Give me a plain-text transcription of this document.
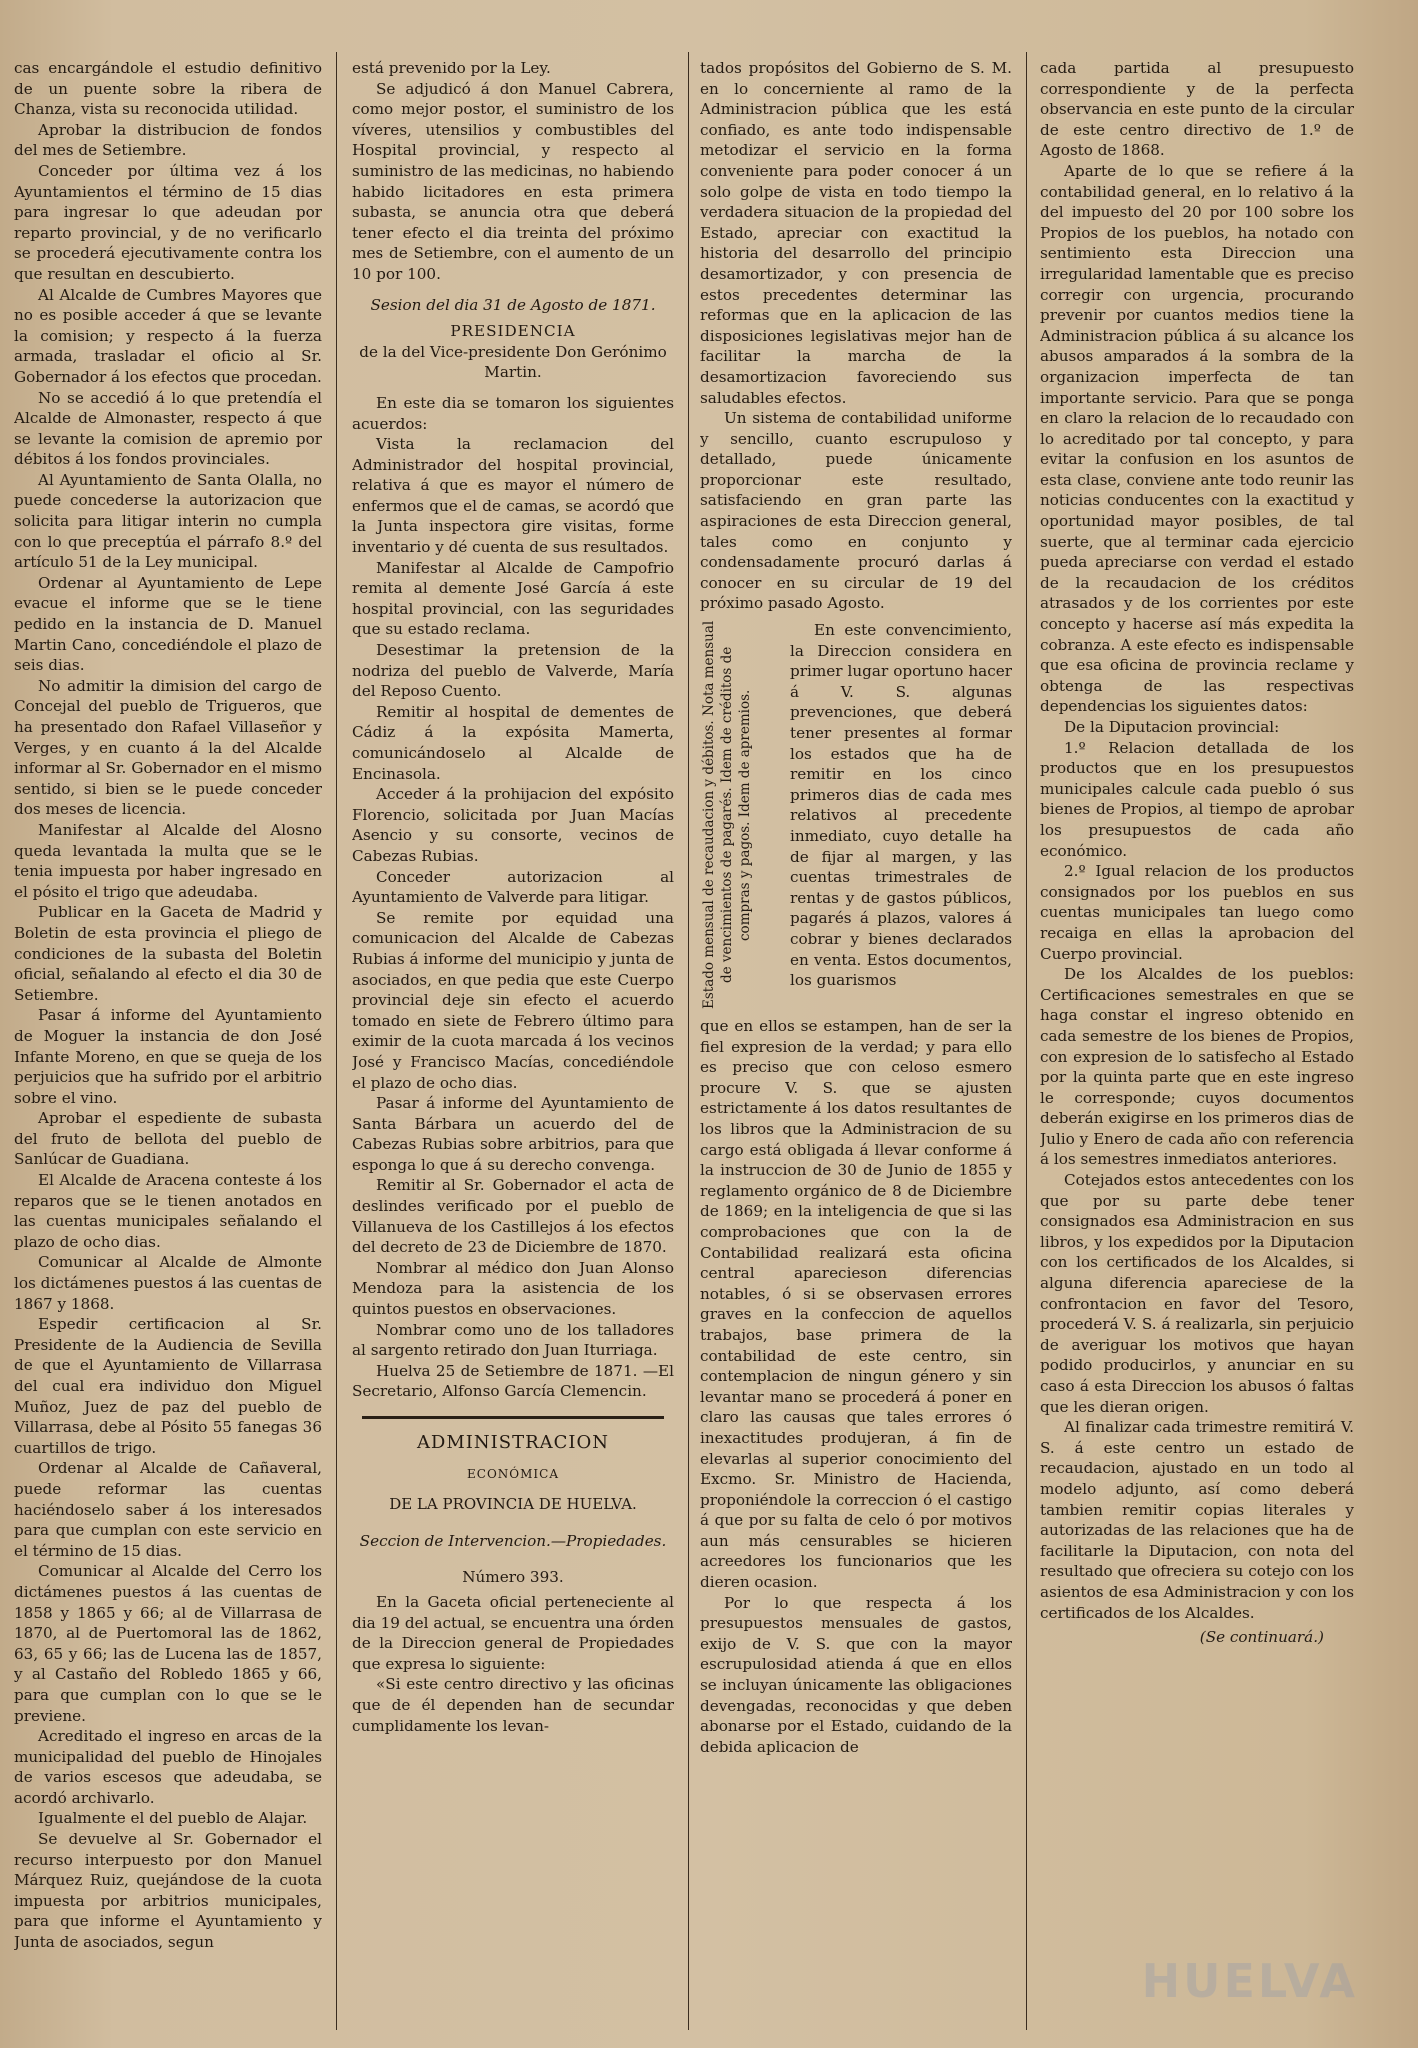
cas encargándole el estudio definitivo de un puente sobre la ribera de Chanza, vista su reconocida utilidad.

Aprobar la distribucion de fondos del mes de Setiembre.

Conceder por última vez á los Ayuntamientos el término de 15 dias para ingresar lo que adeudan por reparto provincial, y de no verificarlo se procederá ejecutivamente contra los que resultan en descubierto.

Al Alcalde de Cumbres Mayores que no es posible acceder á que se levante la comision; y respecto á la fuerza armada, trasladar el oficio al Sr. Gobernador á los efectos que procedan.

No se accedió á lo que pretendía el Alcalde de Almonaster, respecto á que se levante la comision de apremio por débitos á los fondos provinciales.

Al Ayuntamiento de Santa Olalla, no puede concederse la autorizacion que solicita para litigar interin no cumpla con lo que preceptúa el párrafo 8.º del artículo 51 de la Ley municipal.

Ordenar al Ayuntamiento de Lepe evacue el informe que se le tiene pedido en la instancia de D. Manuel Martin Cano, concediéndole el plazo de seis dias.

No admitir la dimision del cargo de Concejal del pueblo de Trigueros, que ha presentado don Rafael Villaseñor y Verges, y en cuanto á la del Alcalde informar al Sr. Gobernador en el mismo sentido, si bien se le puede conceder dos meses de licencia.

Manifestar al Alcalde del Alosno queda levantada la multa que se le tenia impuesta por haber ingresado en el pósito el trigo que adeudaba.

Publicar en la Gaceta de Madrid y Boletin de esta provincia el pliego de condiciones de la subasta del Boletin oficial, señalando al efecto el dia 30 de Setiembre.

Pasar á informe del Ayuntamiento de Moguer la instancia de don José Infante Moreno, en que se queja de los perjuicios que ha sufrido por el arbitrio sobre el vino.

Aprobar el espediente de subasta del fruto de bellota del pueblo de Sanlúcar de Guadiana.

El Alcalde de Aracena conteste á los reparos que se le tienen anotados en las cuentas municipales señalando el plazo de ocho dias.

Comunicar al Alcalde de Almonte los dictámenes puestos á las cuentas de 1867 y 1868.

Espedir certificacion al Sr. Presidente de la Audiencia de Sevilla de que el Ayuntamiento de Villarrasa del cual era individuo don Miguel Muñoz, Juez de paz del pueblo de Villarrasa, debe al Pósito 55 fanegas 36 cuartillos de trigo.

Ordenar al Alcalde de Cañaveral, puede reformar las cuentas haciéndoselo saber á los interesados para que cumplan con este servicio en el término de 15 dias.

Comunicar al Alcalde del Cerro los dictámenes puestos á las cuentas de 1858 y 1865 y 66; al de Villarrasa de 1870, al de Puertomoral las de 1862, 63, 65 y 66; las de Lucena las de 1857, y al Castaño del Robledo 1865 y 66, para que cumplan con lo que se le previene.

Acreditado el ingreso en arcas de la municipalidad del pueblo de Hinojales de varios escesos que adeudaba, se acordó archivarlo.

Igualmente el del pueblo de Alajar.

Se devuelve al Sr. Gobernador el recurso interpuesto por don Manuel Márquez Ruiz, quejándose de la cuota impuesta por arbitrios municipales, para que informe el Ayuntamiento y Junta de asociados, segun

está prevenido por la Ley.

Se adjudicó á don Manuel Cabrera, como mejor postor, el suministro de los víveres, utensilios y combustibles del Hospital provincial, y respecto al suministro de las medicinas, no habiendo habido licitadores en esta primera subasta, se anuncia otra que deberá tener efecto el dia treinta del próximo mes de Setiembre, con el aumento de un 10 por 100.

Sesion del dia 31 de Agosto de 1871.

PRESIDENCIA

de la del Vice-presidente Don Gerónimo Martin.

En este dia se tomaron los siguientes acuerdos:

Vista la reclamacion del Administrador del hospital provincial, relativa á que es mayor el número de enfermos que el de camas, se acordó que la Junta inspectora gire visitas, forme inventario y dé cuenta de sus resultados.

Manifestar al Alcalde de Campofrio remita al demente José García á este hospital provincial, con las seguridades que su estado reclama.

Desestimar la pretension de la nodriza del pueblo de Valverde, María del Reposo Cuento.

Remitir al hospital de dementes de Cádiz á la expósita Mamerta, comunicándoselo al Alcalde de Encinasola.

Acceder á la prohijacion del expósito Florencio, solicitada por Juan Macías Asencio y su consorte, vecinos de Cabezas Rubias.

Conceder autorizacion al Ayuntamiento de Valverde para litigar.

Se remite por equidad una comunicacion del Alcalde de Cabezas Rubias á informe del municipio y junta de asociados, en que pedia que este Cuerpo provincial deje sin efecto el acuerdo tomado en siete de Febrero último para eximir de la cuota marcada á los vecinos José y Francisco Macías, concediéndole el plazo de ocho dias.

Pasar á informe del Ayuntamiento de Santa Bárbara un acuerdo del de Cabezas Rubias sobre arbitrios, para que esponga lo que á su derecho convenga.

Remitir al Sr. Gobernador el acta de deslindes verificado por el pueblo de Villanueva de los Castillejos á los efectos del decreto de 23 de Diciembre de 1870.

Nombrar al médico don Juan Alonso Mendoza para la asistencia de los quintos puestos en observaciones.

Nombrar como uno de los talladores al sargento retirado don Juan Iturriaga.

Huelva 25 de Setiembre de 1871. —El Secretario, Alfonso García Clemencin.

ADMINISTRACION

ECONÓMICA

DE LA PROVINCIA DE HUELVA.

Seccion de Intervencion.—Propiedades.

Número 393.

En la Gaceta oficial perteneciente al dia 19 del actual, se encuentra una órden de la Direccion general de Propiedades que expresa lo siguiente:

«Si este centro directivo y las oficinas que de él dependen han de secundar cumplidamente los levan-

tados propósitos del Gobierno de S. M. en lo concerniente al ramo de la Administracion pública que les está confiado, es ante todo indispensable metodizar el servicio en la forma conveniente para poder conocer á un solo golpe de vista en todo tiempo la verdadera situacion de la propiedad del Estado, apreciar con exactitud la historia del desarrollo del principio desamortizador, y con presencia de estos precedentes determinar las reformas que en la aplicacion de las disposiciones legislativas mejor han de facilitar la marcha de la desamortizacion favoreciendo sus saludables efectos.

Un sistema de contabilidad uniforme y sencillo, cuanto escrupuloso y detallado, puede únicamente proporcionar este resultado, satisfaciendo en gran parte las aspiraciones de esta Direccion general, tales como en conjunto y condensadamente procuró darlas á conocer en su circular de 19 del próximo pasado Agosto.

Estado mensual de recaudacion y débitos. Nota mensual de vencimientos de pagarés. Idem de créditos de compras y pagos. Idem de apremios.

En este convencimiento, la Direccion considera en primer lugar oportuno hacer á V. S. algunas prevenciones, que deberá tener presentes al formar los estados que ha de remitir en los cinco primeros dias de cada mes relativos al precedente inmediato, cuyo detalle ha de fijar al margen, y las cuentas trimestrales de rentas y de gastos públicos, pagarés á plazos, valores á cobrar y bienes declarados en venta. Estos documentos, los guarismos

que en ellos se estampen, han de ser la fiel expresion de la verdad; y para ello es preciso que con celoso esmero procure V. S. que se ajusten estrictamente á los datos resultantes de los libros que la Administracion de su cargo está obligada á llevar conforme á la instruccion de 30 de Junio de 1855 y reglamento orgánico de 8 de Diciembre de 1869; en la inteligencia de que si las comprobaciones que con la de Contabilidad realizará esta oficina central aparecieson diferencias notables, ó si se observasen errores graves en la confeccion de aquellos trabajos, base primera de la contabilidad de este centro, sin contemplacion de ningun género y sin levantar mano se procederá á poner en claro las causas que tales errores ó inexactitudes produjeran, á fin de elevarlas al superior conocimiento del Excmo. Sr. Ministro de Hacienda, proponiéndole la correccion ó el castigo á que por su falta de celo ó por motivos aun más censurables se hicieren acreedores los funcionarios que les dieren ocasion.

Por lo que respecta á los presupuestos mensuales de gastos, exijo de V. S. que con la mayor escrupulosidad atienda á que en ellos se incluyan únicamente las obligaciones devengadas, reconocidas y que deben abonarse por el Estado, cuidando de la debida aplicacion de

cada partida al presupuesto correspondiente y de la perfecta observancia en este punto de la circular de este centro directivo de 1.º de Agosto de 1868.

Aparte de lo que se refiere á la contabilidad general, en lo relativo á la del impuesto del 20 por 100 sobre los Propios de los pueblos, ha notado con sentimiento esta Direccion una irregularidad lamentable que es preciso corregir con urgencia, procurando prevenir por cuantos medios tiene la Administracion pública á su alcance los abusos amparados á la sombra de la organizacion imperfecta de tan importante servicio. Para que se ponga en claro la relacion de lo recaudado con lo acreditado por tal concepto, y para evitar la confusion en los asuntos de esta clase, conviene ante todo reunir las noticias conducentes con la exactitud y oportunidad mayor posibles, de tal suerte, que al terminar cada ejercicio pueda apreciarse con verdad el estado de la recaudacion de los créditos atrasados y de los corrientes por este concepto y hacerse así más expedita la cobranza. A este efecto es indispensable que esa oficina de provincia reclame y obtenga de las respectivas dependencias los siguientes datos:

De la Diputacion provincial:

1.º Relacion detallada de los productos que en los presupuestos municipales calcule cada pueblo ó sus bienes de Propios, al tiempo de aprobar los presupuestos de cada año económico.

2.º Igual relacion de los productos consignados por los pueblos en sus cuentas municipales tan luego como recaiga en ellas la aprobacion del Cuerpo provincial.

De los Alcaldes de los pueblos: Certificaciones semestrales en que se haga constar el ingreso obtenido en cada semestre de los bienes de Propios, con expresion de lo satisfecho al Estado por la quinta parte que en este ingreso le corresponde; cuyos documentos deberán exigirse en los primeros dias de Julio y Enero de cada año con referencia á los semestres inmediatos anteriores.

Cotejados estos antecedentes con los que por su parte debe tener consignados esa Administracion en sus libros, y los expedidos por la Diputacion con los certificados de los Alcaldes, si alguna diferencia apareciese de la confrontacion en favor del Tesoro, procederá V. S. á realizarla, sin perjuicio de averiguar los motivos que hayan podido producirlos, y anunciar en su caso á esta Direccion los abusos ó faltas que les dieran origen.

Al finalizar cada trimestre remitirá V. S. á este centro un estado de recaudacion, ajustado en un todo al modelo adjunto, así como deberá tambien remitir copias literales y autorizadas de las relaciones que ha de facilitarle la Diputacion, con nota del resultado que ofreciera su cotejo con los asientos de esa Administracion y con los certificados de los Alcaldes.

(Se continuará.)

HUELVA
